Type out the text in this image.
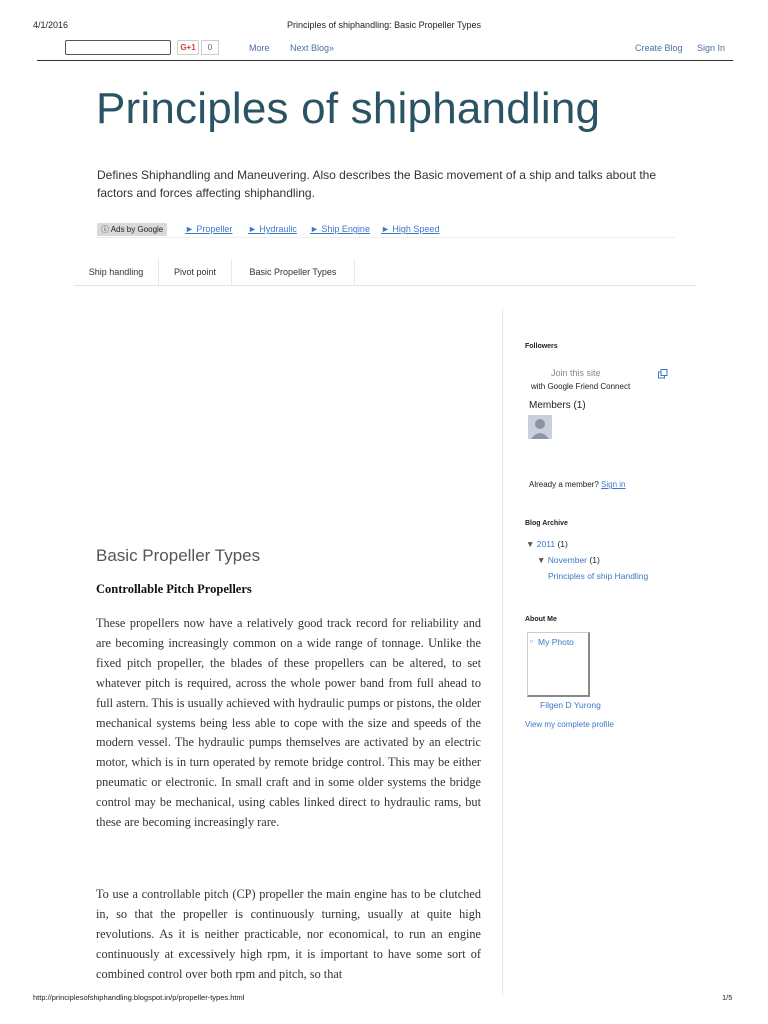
4/1/2016	Principles of shiphandling: Basic Propeller Types
G+1	0	More Next Blog»	Create Blog Sign In
Principles of shiphandling
Defines Shiphandling and Maneuvering. Also describes the Basic movement of a ship and talks about the factors and forces affecting shiphandling.
ⓘ Ads by Google	► Propeller ► Hydraulic ► Ship Engine ► High Speed
Ship handling	Pivot point	Basic Propeller Types
Basic Propeller Types
Controllable Pitch Propellers
These propellers now have a relatively good track record for reliability and are becoming increasingly common on a wide range of tonnage. Unlike the fixed pitch propeller, the blades of these propellers can be altered, to set whatever pitch is required, across the whole power band from full ahead to full astern. This is usually achieved with hydraulic pumps or pistons, the older mechanical systems being less able to cope with the size and speeds of the modern vessel. The hydraulic pumps themselves are activated by an electric motor, which is in turn operated by remote bridge control. This may be either pneumatic or electronic. In small craft and in some older systems the bridge control may be mechanical, using cables linked direct to hydraulic rams, but these are becoming increasingly rare.
To use a controllable pitch (CP) propeller the main engine has to be clutched in, so that the propeller is continuously turning, usually at quite high revolutions. As it is neither practicable, nor economical, to run an engine continuously at excessively high rpm, it is important to have some sort of combined control over both rpm and pitch, so that
Followers
Join this site
with Google Friend Connect
Members (1)
Already a member? Sign in
Blog Archive
▼ 2011 (1)
▼ November (1)
Principles of ship Handling
About Me
▫ My Photo
Filgen D Yurong
View my complete profile
http://principlesofshiphandling.blogspot.in/p/propeller-types.html	1/5
